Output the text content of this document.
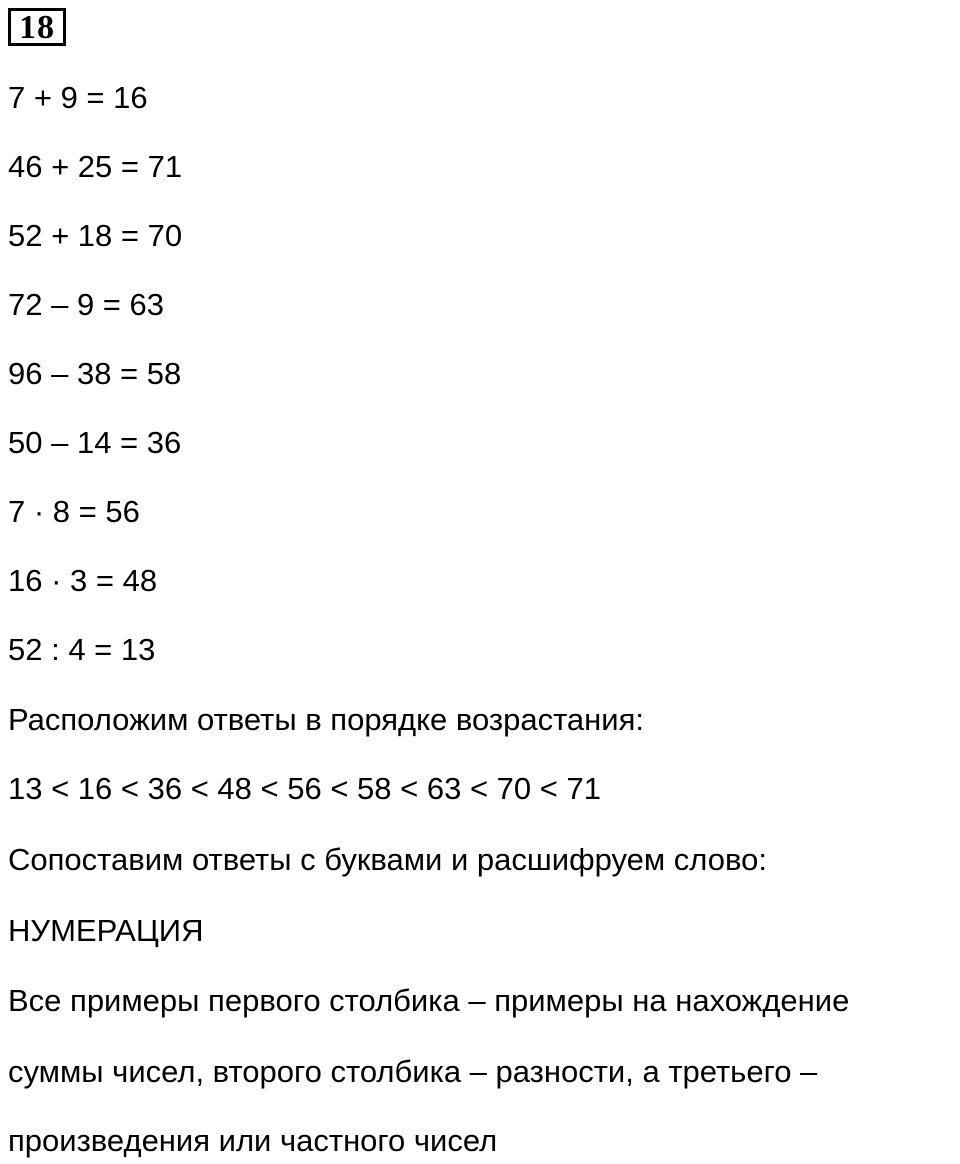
18
7 + 9 = 16
46 + 25 = 71
52 + 18 = 70
72 – 9 = 63
96 – 38 = 58
50 – 14 = 36
7 · 8 = 56
16 · 3 = 48
52 : 4 = 13
Расположим ответы в порядке возрастания:
13 < 16 < 36 < 48 < 56 < 58 < 63 < 70 < 71
Сопоставим ответы с буквами и расшифруем слово:
НУМЕРАЦИЯ
Все примеры первого столбика – примеры на нахождение
суммы чисел, второго столбика – разности, а третьего –
произведения или частного чисел
